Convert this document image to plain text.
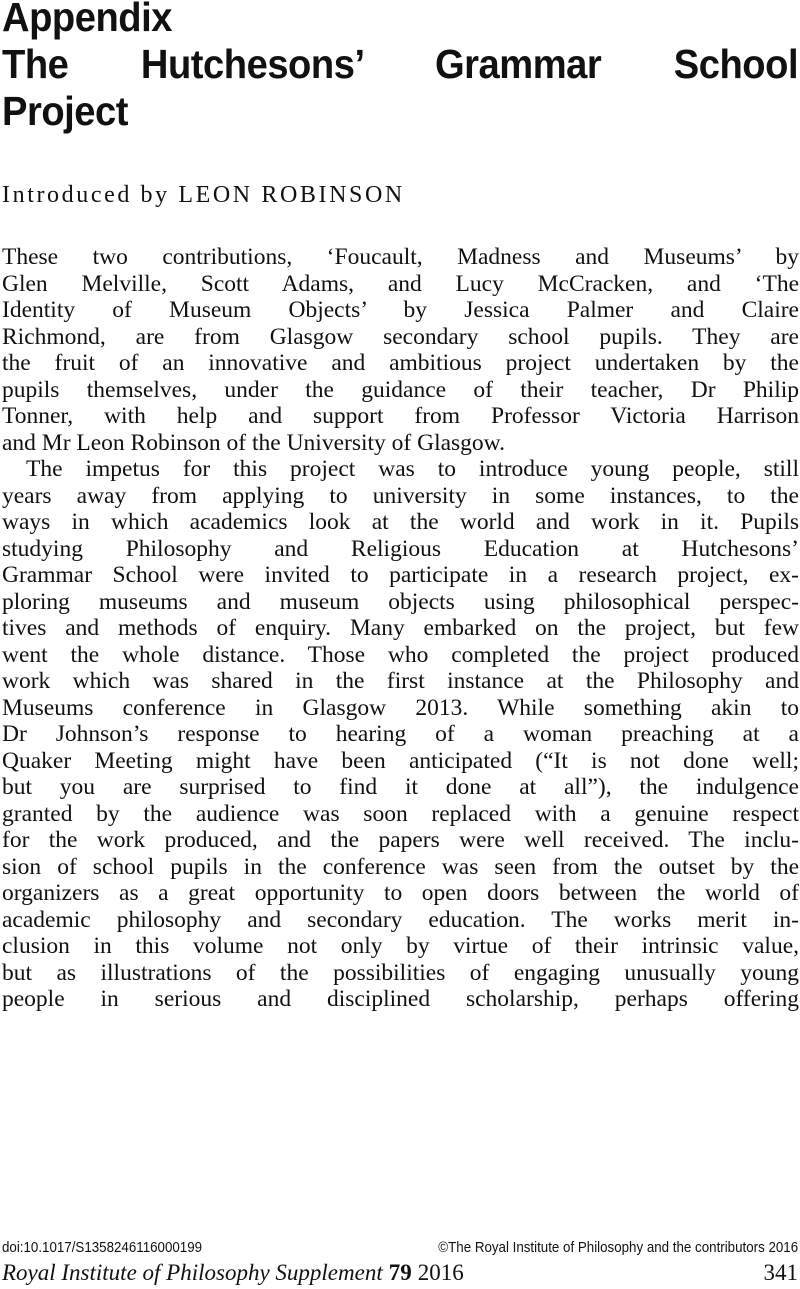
Appendix
The Hutchesons’ Grammar School
Project
Introduced by LEON ROBINSON
These two contributions, ‘Foucault, Madness and Museums’ by
Glen Melville, Scott Adams, and Lucy McCracken, and ‘The
Identity of Museum Objects’ by Jessica Palmer and Claire
Richmond, are from Glasgow secondary school pupils. They are
the fruit of an innovative and ambitious project undertaken by the
pupils themselves, under the guidance of their teacher, Dr Philip
Tonner, with help and support from Professor Victoria Harrison
and Mr Leon Robinson of the University of Glasgow.
The impetus for this project was to introduce young people, still
years away from applying to university in some instances, to the
ways in which academics look at the world and work in it. Pupils
studying Philosophy and Religious Education at Hutchesons’
Grammar School were invited to participate in a research project, ex-
ploring museums and museum objects using philosophical perspec-
tives and methods of enquiry. Many embarked on the project, but few
went the whole distance. Those who completed the project produced
work which was shared in the first instance at the Philosophy and
Museums conference in Glasgow 2013. While something akin to
Dr Johnson’s response to hearing of a woman preaching at a
Quaker Meeting might have been anticipated (“It is not done well;
but you are surprised to find it done at all”), the indulgence
granted by the audience was soon replaced with a genuine respect
for the work produced, and the papers were well received. The inclu-
sion of school pupils in the conference was seen from the outset by the
organizers as a great opportunity to open doors between the world of
academic philosophy and secondary education. The works merit in-
clusion in this volume not only by virtue of their intrinsic value,
but as illustrations of the possibilities of engaging unusually young
people in serious and disciplined scholarship, perhaps offering
doi:10.1017/S1358246116000199	©The Royal Institute of Philosophy and the contributors 2016
Royal Institute of Philosophy Supplement 79 2016	341
